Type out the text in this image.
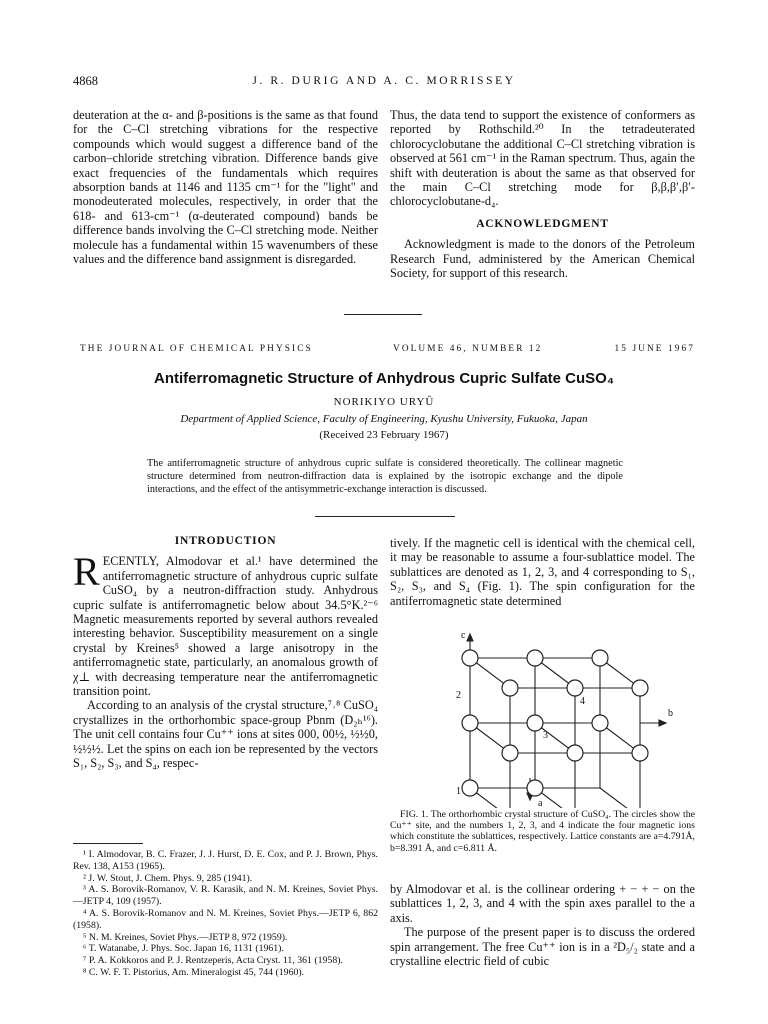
4868	J. R. DURIG AND A. C. MORRISSEY

deuteration at the α- and β-positions is the same as that found for the C–Cl stretching vibrations for the respective compounds which would suggest a difference band of the carbon–chloride stretching vibration. Difference bands give exact frequencies of the fundamentals which requires absorption bands at 1146 and 1135 cm⁻¹ for the "light" and monodeuterated molecules, respectively, in order that the 618- and 613-cm⁻¹ (α-deuterated compound) bands be difference bands involving the C–Cl stretching mode. Neither molecule has a fundamental within 15 wavenumbers of these values and the difference band assignment is disregarded.

Thus, the data tend to support the existence of conformers as reported by Rothschild.²⁰ In the tetradeuterated chlorocyclobutane the additional C–Cl stretching vibration is observed at 561 cm⁻¹ in the Raman spectrum. Thus, again the shift with deuteration is about the same as that observed for the main C–Cl stretching mode for β,β,β′,β′-chlorocyclobutane-d₄.

ACKNOWLEDGMENT

Acknowledgment is made to the donors of the Petroleum Research Fund, administered by the American Chemical Society, for support of this research.

THE JOURNAL OF CHEMICAL PHYSICS	VOLUME 46, NUMBER 12	15 JUNE 1967
Antiferromagnetic Structure of Anhydrous Cupric Sulfate CuSO₄
NORIKIYO URYÛ
Department of Applied Science, Faculty of Engineering, Kyushu University, Fukuoka, Japan
(Received 23 February 1967)
The antiferromagnetic structure of anhydrous cupric sulfate is considered theoretically. The collinear magnetic structure determined from neutron-diffraction data is explained by the isotropic exchange and the dipole interactions, and the effect of the antisymmetric-exchange interaction is discussed.
INTRODUCTION

R ECENTLY, Almodovar et al.¹ have determined the antiferromagnetic structure of anhydrous cupric sulfate CuSO₄ by a neutron-diffraction study. Anhydrous cupric sulfate is antiferromagnetic below about 34.5°K.²⁻⁶ Magnetic measurements reported by several authors revealed interesting behavior. Susceptibility measurement on a single crystal by Kreines⁵ showed a large anisotropy in the antiferromagnetic state, particularly, an anomalous growth of χ⊥ with decreasing temperature near the antiferromagnetic transition point.

According to an analysis of the crystal structure,⁷˒⁸ CuSO₄ crystallizes in the orthorhombic space-group Pbnm (D₂ₕ¹⁶). The unit cell contains four Cu⁺⁺ ions at sites 000, 00½, ½½0, ½½½. Let the spins on each ion be represented by the vectors S₁, S₂, S₃, and S₄, respec-

¹ I. Almodovar, B. C. Frazer, J. J. Hurst, D. E. Cox, and P. J. Brown, Phys. Rev. 138, A153 (1965).

² J. W. Stout, J. Chem. Phys. 9, 285 (1941).

³ A. S. Borovik-Romanov, V. R. Karasik, and N. M. Kreines, Soviet Phys.—JETP 4, 109 (1957).

⁴ A. S. Borovik-Romanov and N. M. Kreines, Soviet Phys.—JETP 6, 862 (1958).

⁵ N. M. Kreines, Soviet Phys.—JETP 8, 972 (1959).

⁶ T. Watanabe, J. Phys. Soc. Japan 16, 1131 (1961).

⁷ P. A. Kokkoros and P. J. Rentzeperis, Acta Cryst. 11, 361 (1958).

⁸ C. W. F. T. Pistorius, Am. Mineralogist 45, 744 (1960).

tively. If the magnetic cell is identical with the chemical cell, it may be reasonable to assume a four-sublattice model. The sublattices are denoted as 1, 2, 3, and 4 corresponding to S₁, S₂, S₃, and S₄ (Fig. 1). The spin configuration for the antiferromagnetic state determined

c
b
a
1
2
3
4

FIG. 1. The orthorhombic crystal structure of CuSO₄. The circles show the Cu⁺⁺ site, and the numbers 1, 2, 3, and 4 indicate the four magnetic ions which constitute the sublattices, respectively. Lattice constants are a=4.791Å, b=8.391 Å, and c=6.811 Å.

by Almodovar et al. is the collinear ordering + − + − on the sublattices 1, 2, 3, and 4 with the spin axes parallel to the a axis.

The purpose of the present paper is to discuss the ordered spin arrangement. The free Cu⁺⁺ ion is in a ²D₅/₂ state and a crystalline electric field of cubic
